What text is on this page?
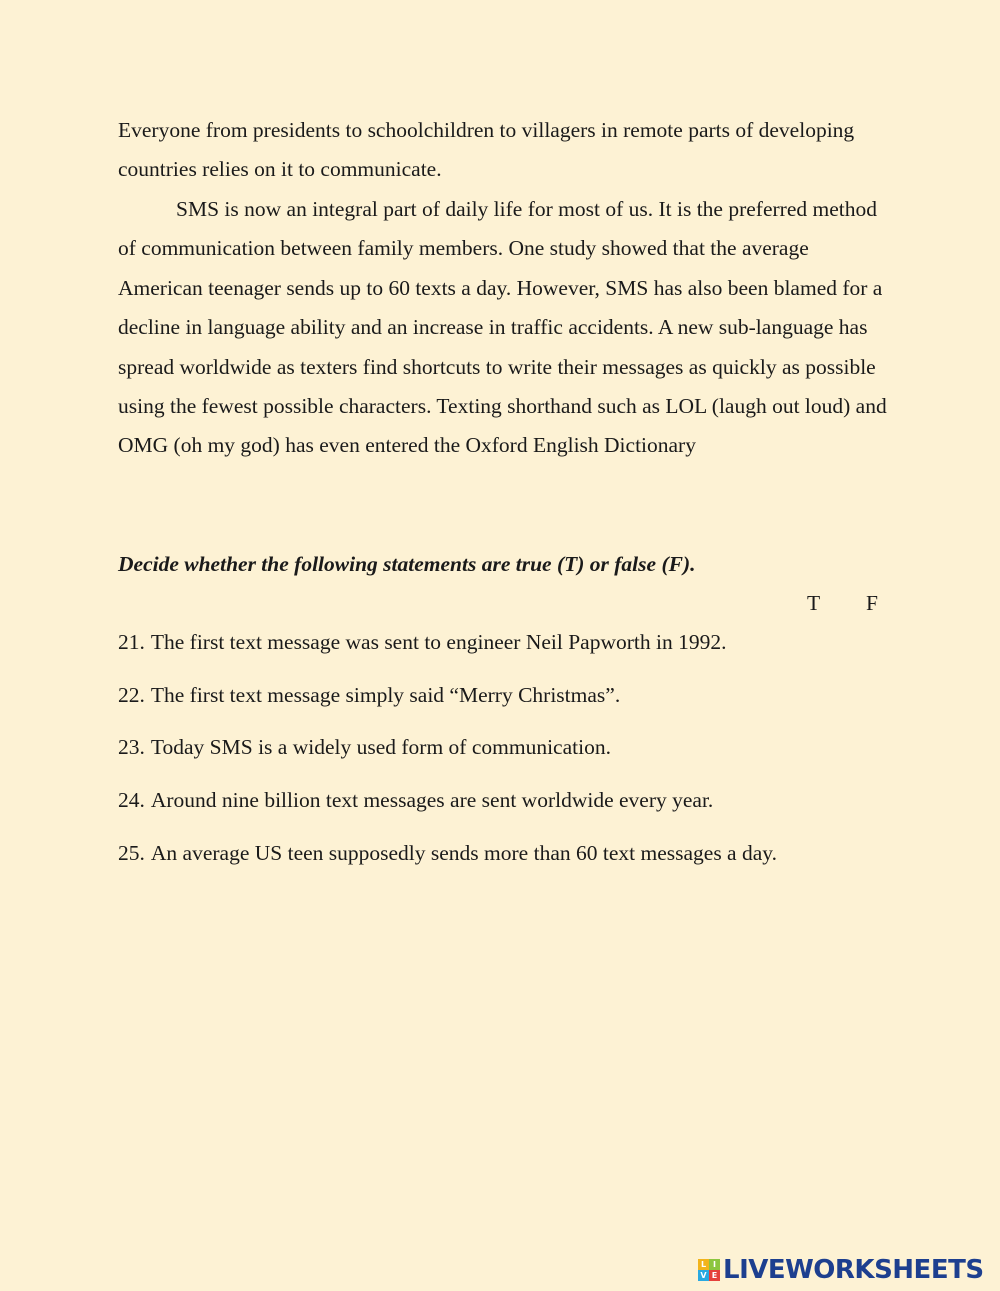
Everyone from presidents to schoolchildren to villagers in remote parts of developing countries relies on it to communicate.

SMS is now an integral part of daily life for most of us. It is the preferred method of communication between family members. One study showed that the average American teenager sends up to 60 texts a day. However, SMS has also been blamed for a decline in language ability and an increase in traffic accidents. A new sub-language has spread worldwide as texters find shortcuts to write their messages as quickly as possible using the fewest possible characters. Texting shorthand such as LOL (laugh out loud) and OMG (oh my god) has even entered the Oxford English Dictionary

Decide whether the following statements are true (T) or false (F).

T F
21. The first text message was sent to engineer Neil Papworth in 1992.
22. The first text message simply said “Merry Christmas”.
23. Today SMS is a widely used form of communication.
24. Around nine billion text messages are sent worldwide every year.
25. An average US teen supposedly sends more than 60 text messages a day.
L I
V E LIVEWORKSHEETS
